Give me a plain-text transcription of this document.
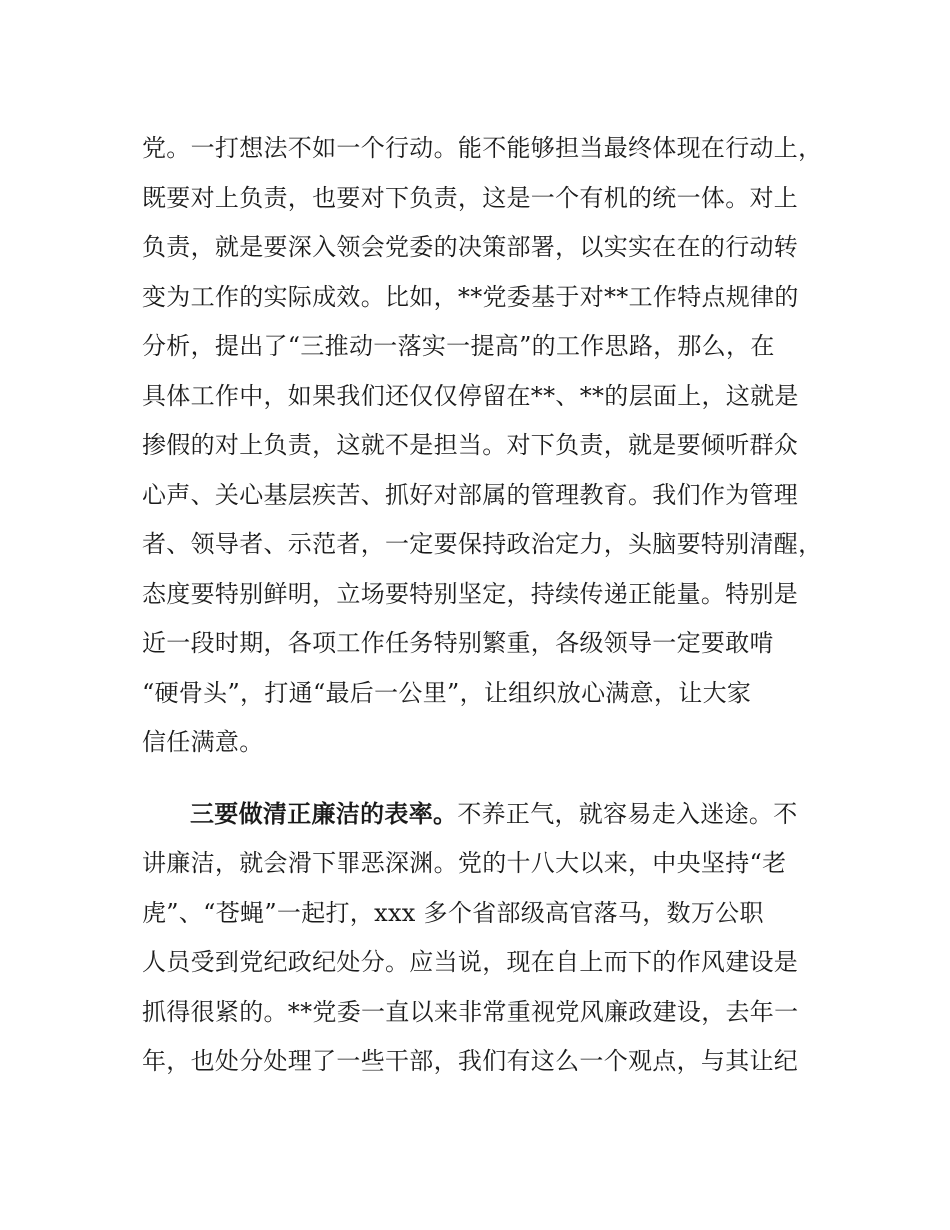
党。一打想法不如一个行动。能不能够担当最终体现在行动上，
既要对上负责，也要对下负责，这是一个有机的统一体。对上
负责，就是要深入领会党委的决策部署，以实实在在的行动转
变为工作的实际成效。比如，**党委基于对**工作特点规律的
分析，提出了“三推动一落实一提高”的工作思路，那么，在
具体工作中，如果我们还仅仅停留在**、**的层面上，这就是
掺假的对上负责，这就不是担当。对下负责，就是要倾听群众
心声、关心基层疾苦、抓好对部属的管理教育。我们作为管理
者、领导者、示范者，一定要保持政治定力，头脑要特别清醒，
态度要特别鲜明，立场要特别坚定，持续传递正能量。特别是
近一段时期，各项工作任务特别繁重，各级领导一定要敢啃
“硬骨头”，打通“最后一公里”，让组织放心满意，让大家
信任满意。
三要做清正廉洁的表率。不养正气，就容易走入迷途。不
讲廉洁，就会滑下罪恶深渊。党的十八大以来，中央坚持“老
虎”、“苍蝇”一起打，xxx 多个省部级高官落马，数万公职
人员受到党纪政纪处分。应当说，现在自上而下的作风建设是
抓得很紧的。**党委一直以来非常重视党风廉政建设，去年一
年，也处分处理了一些干部，我们有这么一个观点，与其让纪
